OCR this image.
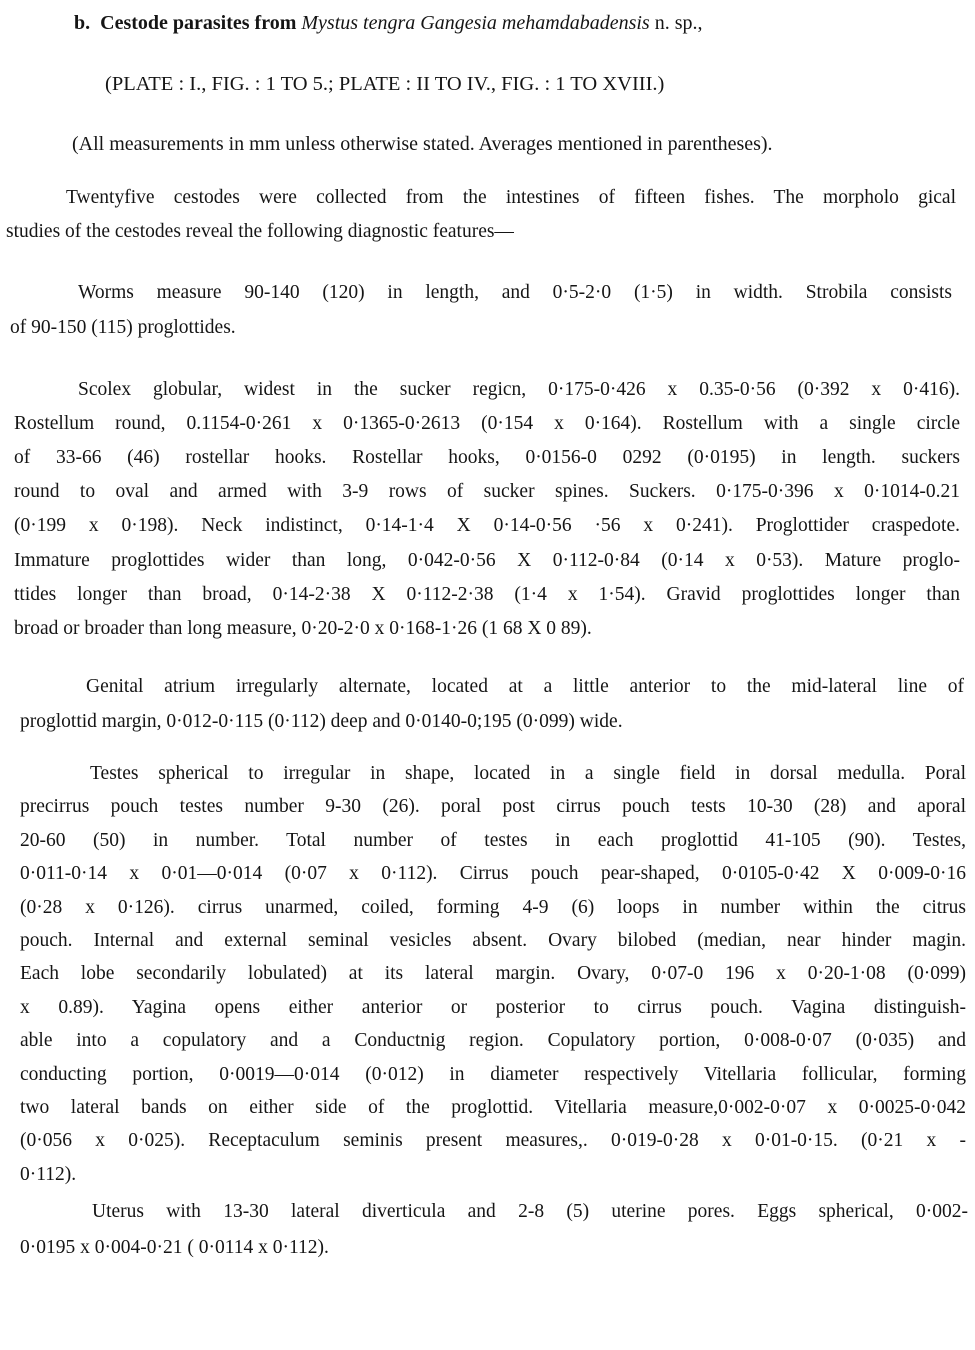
b. Cestode parasites from Mystus tengra Gangesia mehamdabadensis n. sp.,
(PLATE : I., FIG. : 1 TO 5.; PLATE : II TO IV., FIG. : 1 TO XVIII.)
(All measurements in mm unless otherwise stated. Averages mentioned in parentheses).
Twentyfive cestodes were collected from the intestines of fifteen fishes. The morpholo gical
studies of the cestodes reveal the following diagnostic features—
Worms measure 90-140 (120) in length, and 0·5-2·0 (1·5) in width. Strobila consists
of 90-150 (115) proglottides.
Scolex globular, widest in the sucker regicn, 0·175-0·426 x 0.35-0·56 (0·392 x 0·416).
Rostellum round, 0.1154-0·261 x 0·1365-0·2613 (0·154 x 0·164). Rostellum with a single circle
of 33-66 (46) rostellar hooks. Rostellar hooks, 0·0156-0 0292 (0·0195) in length. suckers
round to oval and armed with 3-9 rows of sucker spines. Suckers. 0·175-0·396 x 0·1014-0.21
(0·199 x 0·198). Neck indistinct, 0·14-1·4 X 0·14-0·56 ·56 x 0·241). Proglottider craspedote.
Immature proglottides wider than long, 0·042-0·56 X 0·112-0·84 (0·14 x 0·53). Mature proglo-
ttides longer than broad, 0·14-2·38 X 0·112-2·38 (1·4 x 1·54). Gravid proglottides longer than
broad or broader than long measure, 0·20-2·0 x 0·168-1·26 (1 68 X 0 89).
Genital atrium irregularly alternate, located at a little anterior to the mid-lateral line of
proglottid margin, 0·012-0·115 (0·112) deep and 0·0140-0;195 (0·099) wide.
Testes spherical to irregular in shape, located in a single field in dorsal medulla. Poral
precirrus pouch testes number 9-30 (26). poral post cirrus pouch tests 10-30 (28) and aporal
20-60 (50) in number. Total number of testes in each proglottid 41-105 (90). Testes,
0·011-0·14 x 0·01—0·014 (0·07 x 0·112). Cirrus pouch pear-shaped, 0·0105-0·42 X 0·009-0·16
(0·28 x 0·126). cirrus unarmed, coiled, forming 4-9 (6) loops in number within the citrus
pouch. Internal and external seminal vesicles absent. Ovary bilobed (median, near hinder magin.
Each lobe secondarily lobulated) at its lateral margin. Ovary, 0·07-0 196 x 0·20-1·08 (0·099)
x 0.89). Yagina opens either anterior or posterior to cirrus pouch. Vagina distinguish-
able into a copulatory and a Conductnig region. Copulatory portion, 0·008-0·07 (0·035) and
conducting portion, 0·0019—0·014 (0·012) in diameter respectively Vitellaria follicular, forming
two lateral bands on either side of the proglottid. Vitellaria measure,0·002-0·07 x 0·0025-0·042
(0·056 x 0·025). Receptaculum seminis present measures,. 0·019-0·28 x 0·01-0·15. (0·21 x -
0·112).
Uterus with 13-30 lateral diverticula and 2-8 (5) uterine pores. Eggs spherical, 0·002-
0·0195 x 0·004-0·21 ( 0·0114 x 0·112).
